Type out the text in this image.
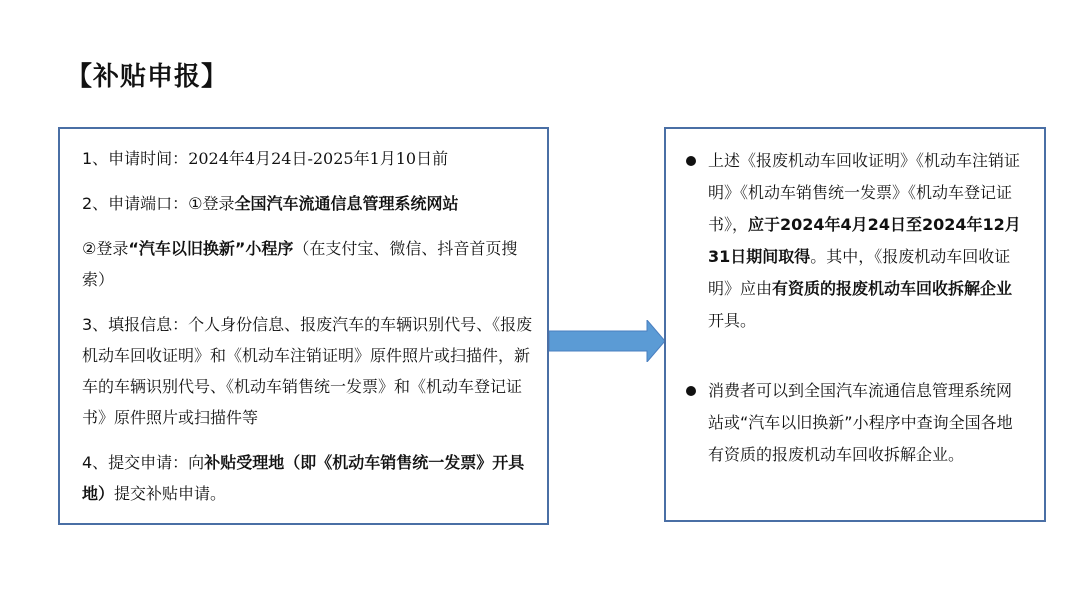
【补贴申报】

1、申请时间：2024年4月24日-2025年1月10日前

2、申请端口：①登录全国汽车流通信息管理系统网站

②登录“汽车以旧换新”小程序（在支付宝、微信、抖音首页搜索）

3、填报信息：个人身份信息、报废汽车的车辆识别代号、《报废机动车回收证明》和《机动车注销证明》原件照片或扫描件，新车的车辆识别代号、《机动车销售统一发票》和《机动车登记证书》原件照片或扫描件等

4、提交申请：向补贴受理地（即《机动车销售统一发票》开具地）提交补贴申请。

上述《报废机动车回收证明》《机动车注销证明》《机动车销售统一发票》《机动车登记证书》，应于2024年4月24日至2024年12月31日期间取得。其中，《报废机动车回收证明》应由有资质的报废机动车回收拆解企业开具。
消费者可以到全国汽车流通信息管理系统网站或“汽车以旧换新”小程序中查询全国各地有资质的报废机动车回收拆解企业。
